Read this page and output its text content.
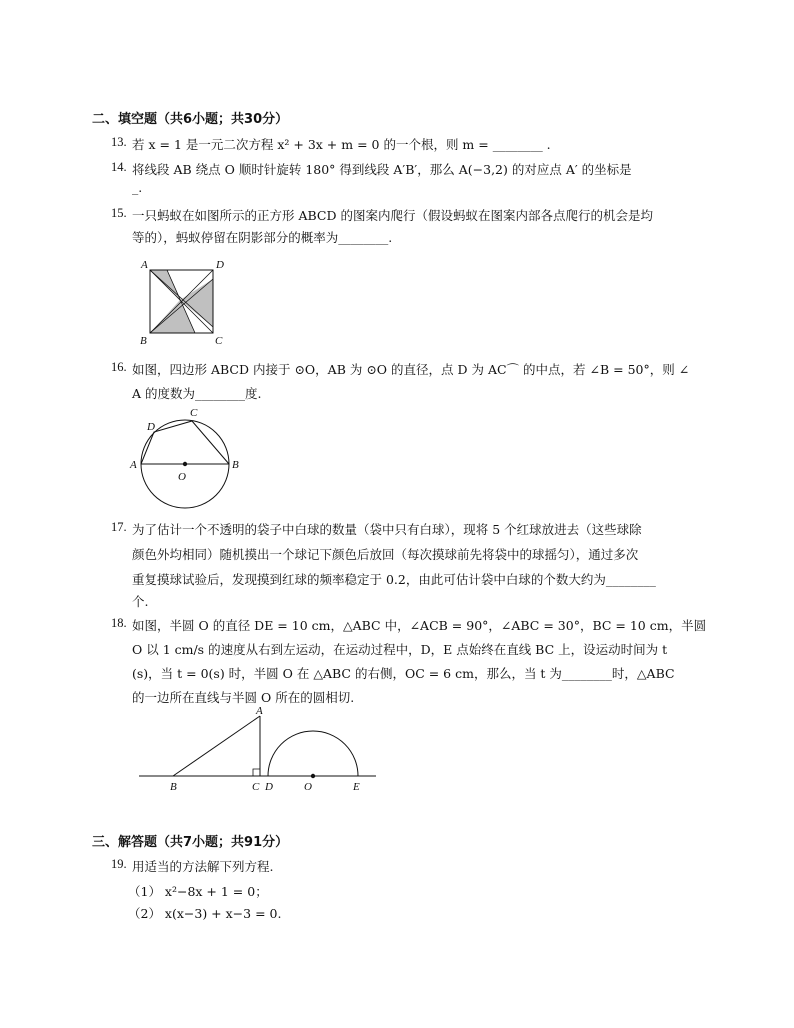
二、填空题（共6小题；共30分）
13. 若 x = 1 是一元二次方程 x² + 3x + m = 0 的一个根，则 m = ________ .
14. 将线段 AB 绕点 O 顺时针旋转 180° 得到线段 A′B′，那么 A(−3,2) 的对应点 A′ 的坐标是
_.
15. 一只蚂蚁在如图所示的正方形 ABCD 的图案内爬行（假设蚂蚁在图案内部各点爬行的机会是均
等的），蚂蚁停留在阴影部分的概率为________.
A	D
B	C
16. 如图，四边形 ABCD 内接于 ⊙O，AB 为 ⊙O 的直径，点 D 为 AC⌒ 的中点，若 ∠B = 50°，则 ∠
A 的度数为________度.
A	B
C
D
O
17. 为了估计一个不透明的袋子中白球的数量（袋中只有白球），现将 5 个红球放进去（这些球除
颜色外均相同）随机摸出一个球记下颜色后放回（每次摸球前先将袋中的球摇匀），通过多次
重复摸球试验后，发现摸到红球的频率稳定于 0.2，由此可估计袋中白球的个数大约为________
个.
18. 如图，半圆 O 的直径 DE = 10 cm，△ABC 中，∠ACB = 90°，∠ABC = 30°，BC = 10 cm，半圆
O 以 1 cm/s 的速度从右到左运动，在运动过程中，D，E 点始终在直线 BC 上，设运动时间为 t
(s)，当 t = 0(s) 时，半圆 O 在 △ABC 的右侧，OC = 6 cm，那么，当 t 为________时，△ABC
的一边所在直线与半圆 O 所在的圆相切.
A
B	C D	O	E
三、解答题（共7小题；共91分）
19. 用适当的方法解下列方程.
（1） x²−8x + 1 = 0；
（2） x(x−3) + x−3 = 0.
